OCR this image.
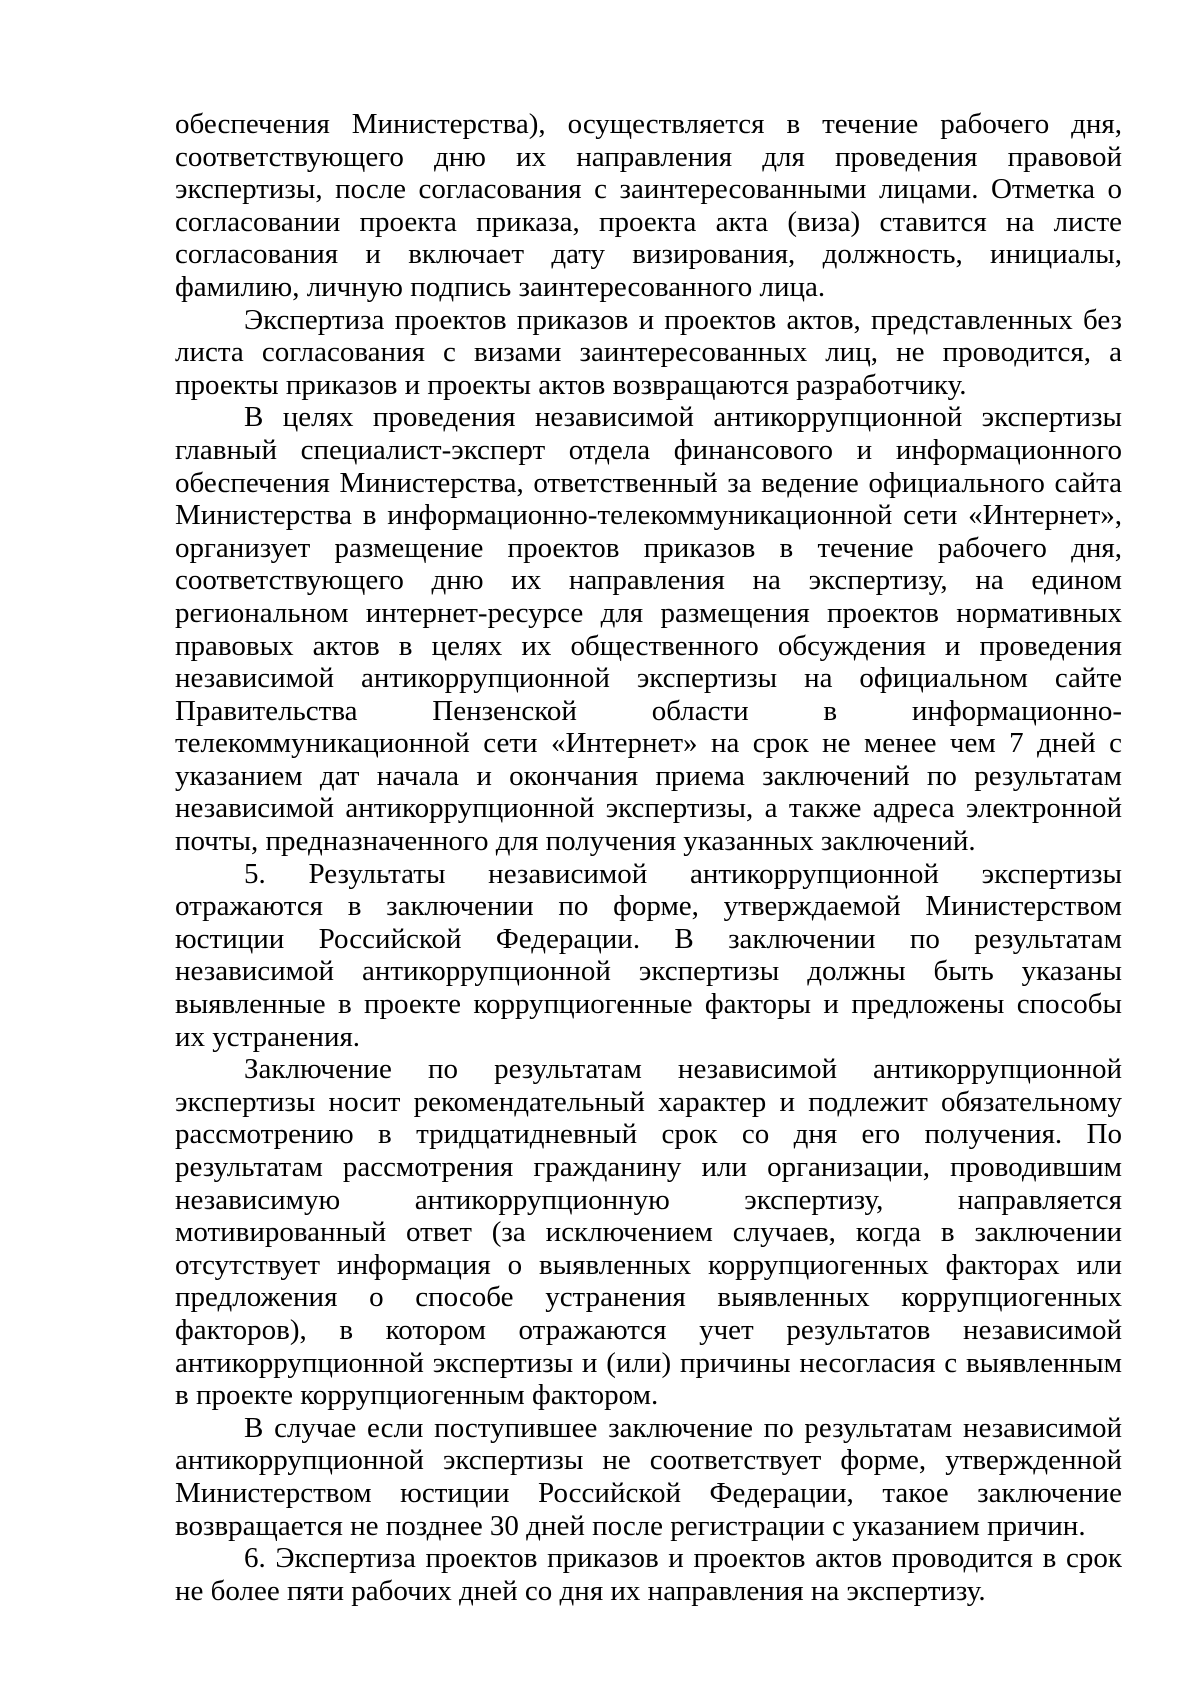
обеспечения Министерства), осуществляется в течение рабочего дня, соответствующего дню их направления для проведения правовой экспертизы, после согласования с заинтересованными лицами. Отметка о согласовании проекта приказа, проекта акта (виза) ставится на листе согласования и включает дату визирования, должность, инициалы, фамилию, личную подпись заинтересованного лица.

Экспертиза проектов приказов и проектов актов, представленных без листа согласования с визами заинтересованных лиц, не проводится, а проекты приказов и проекты актов возвращаются разработчику.

В целях проведения независимой антикоррупционной экспертизы главный специалист-эксперт отдела финансового и информационного обеспечения Министерства, ответственный за ведение официального сайта Министерства в информационно-телекоммуникационной сети «Интернет», организует размещение проектов приказов в течение рабочего дня, соответствующего дню их направления на экспертизу, на едином региональном интернет-ресурсе для размещения проектов нормативных правовых актов в целях их общественного обсуждения и проведения независимой антикоррупционной экспертизы на официальном сайте Правительства Пензенской области в информационно-телекоммуникационной сети «Интернет» на срок не менее чем 7 дней с указанием дат начала и окончания приема заключений по результатам независимой антикоррупционной экспертизы, а также адреса электронной почты, предназначенного для получения указанных заключений.

5. Результаты независимой антикоррупционной экспертизы отражаются в заключении по форме, утверждаемой Министерством юстиции Российской Федерации. В заключении по результатам независимой антикоррупционной экспертизы должны быть указаны выявленные в проекте коррупциогенные факторы и предложены способы их устранения.

Заключение по результатам независимой антикоррупционной экспертизы носит рекомендательный характер и подлежит обязательному рассмотрению в тридцатидневный срок со дня его получения. По результатам рассмотрения гражданину или организации, проводившим независимую антикоррупционную экспертизу, направляется мотивированный ответ (за исключением случаев, когда в заключении отсутствует информация о выявленных коррупциогенных факторах или предложения о способе устранения выявленных коррупциогенных факторов), в котором отражаются учет результатов независимой антикоррупционной экспертизы и (или) причины несогласия с выявленным в проекте коррупциогенным фактором.

В случае если поступившее заключение по результатам независимой антикоррупционной экспертизы не соответствует форме, утвержденной Министерством юстиции Российской Федерации, такое заключение возвращается не позднее 30 дней после регистрации с указанием причин.

6. Экспертиза проектов приказов и проектов актов проводится в срок не более пяти рабочих дней со дня их направления на экспертизу.
